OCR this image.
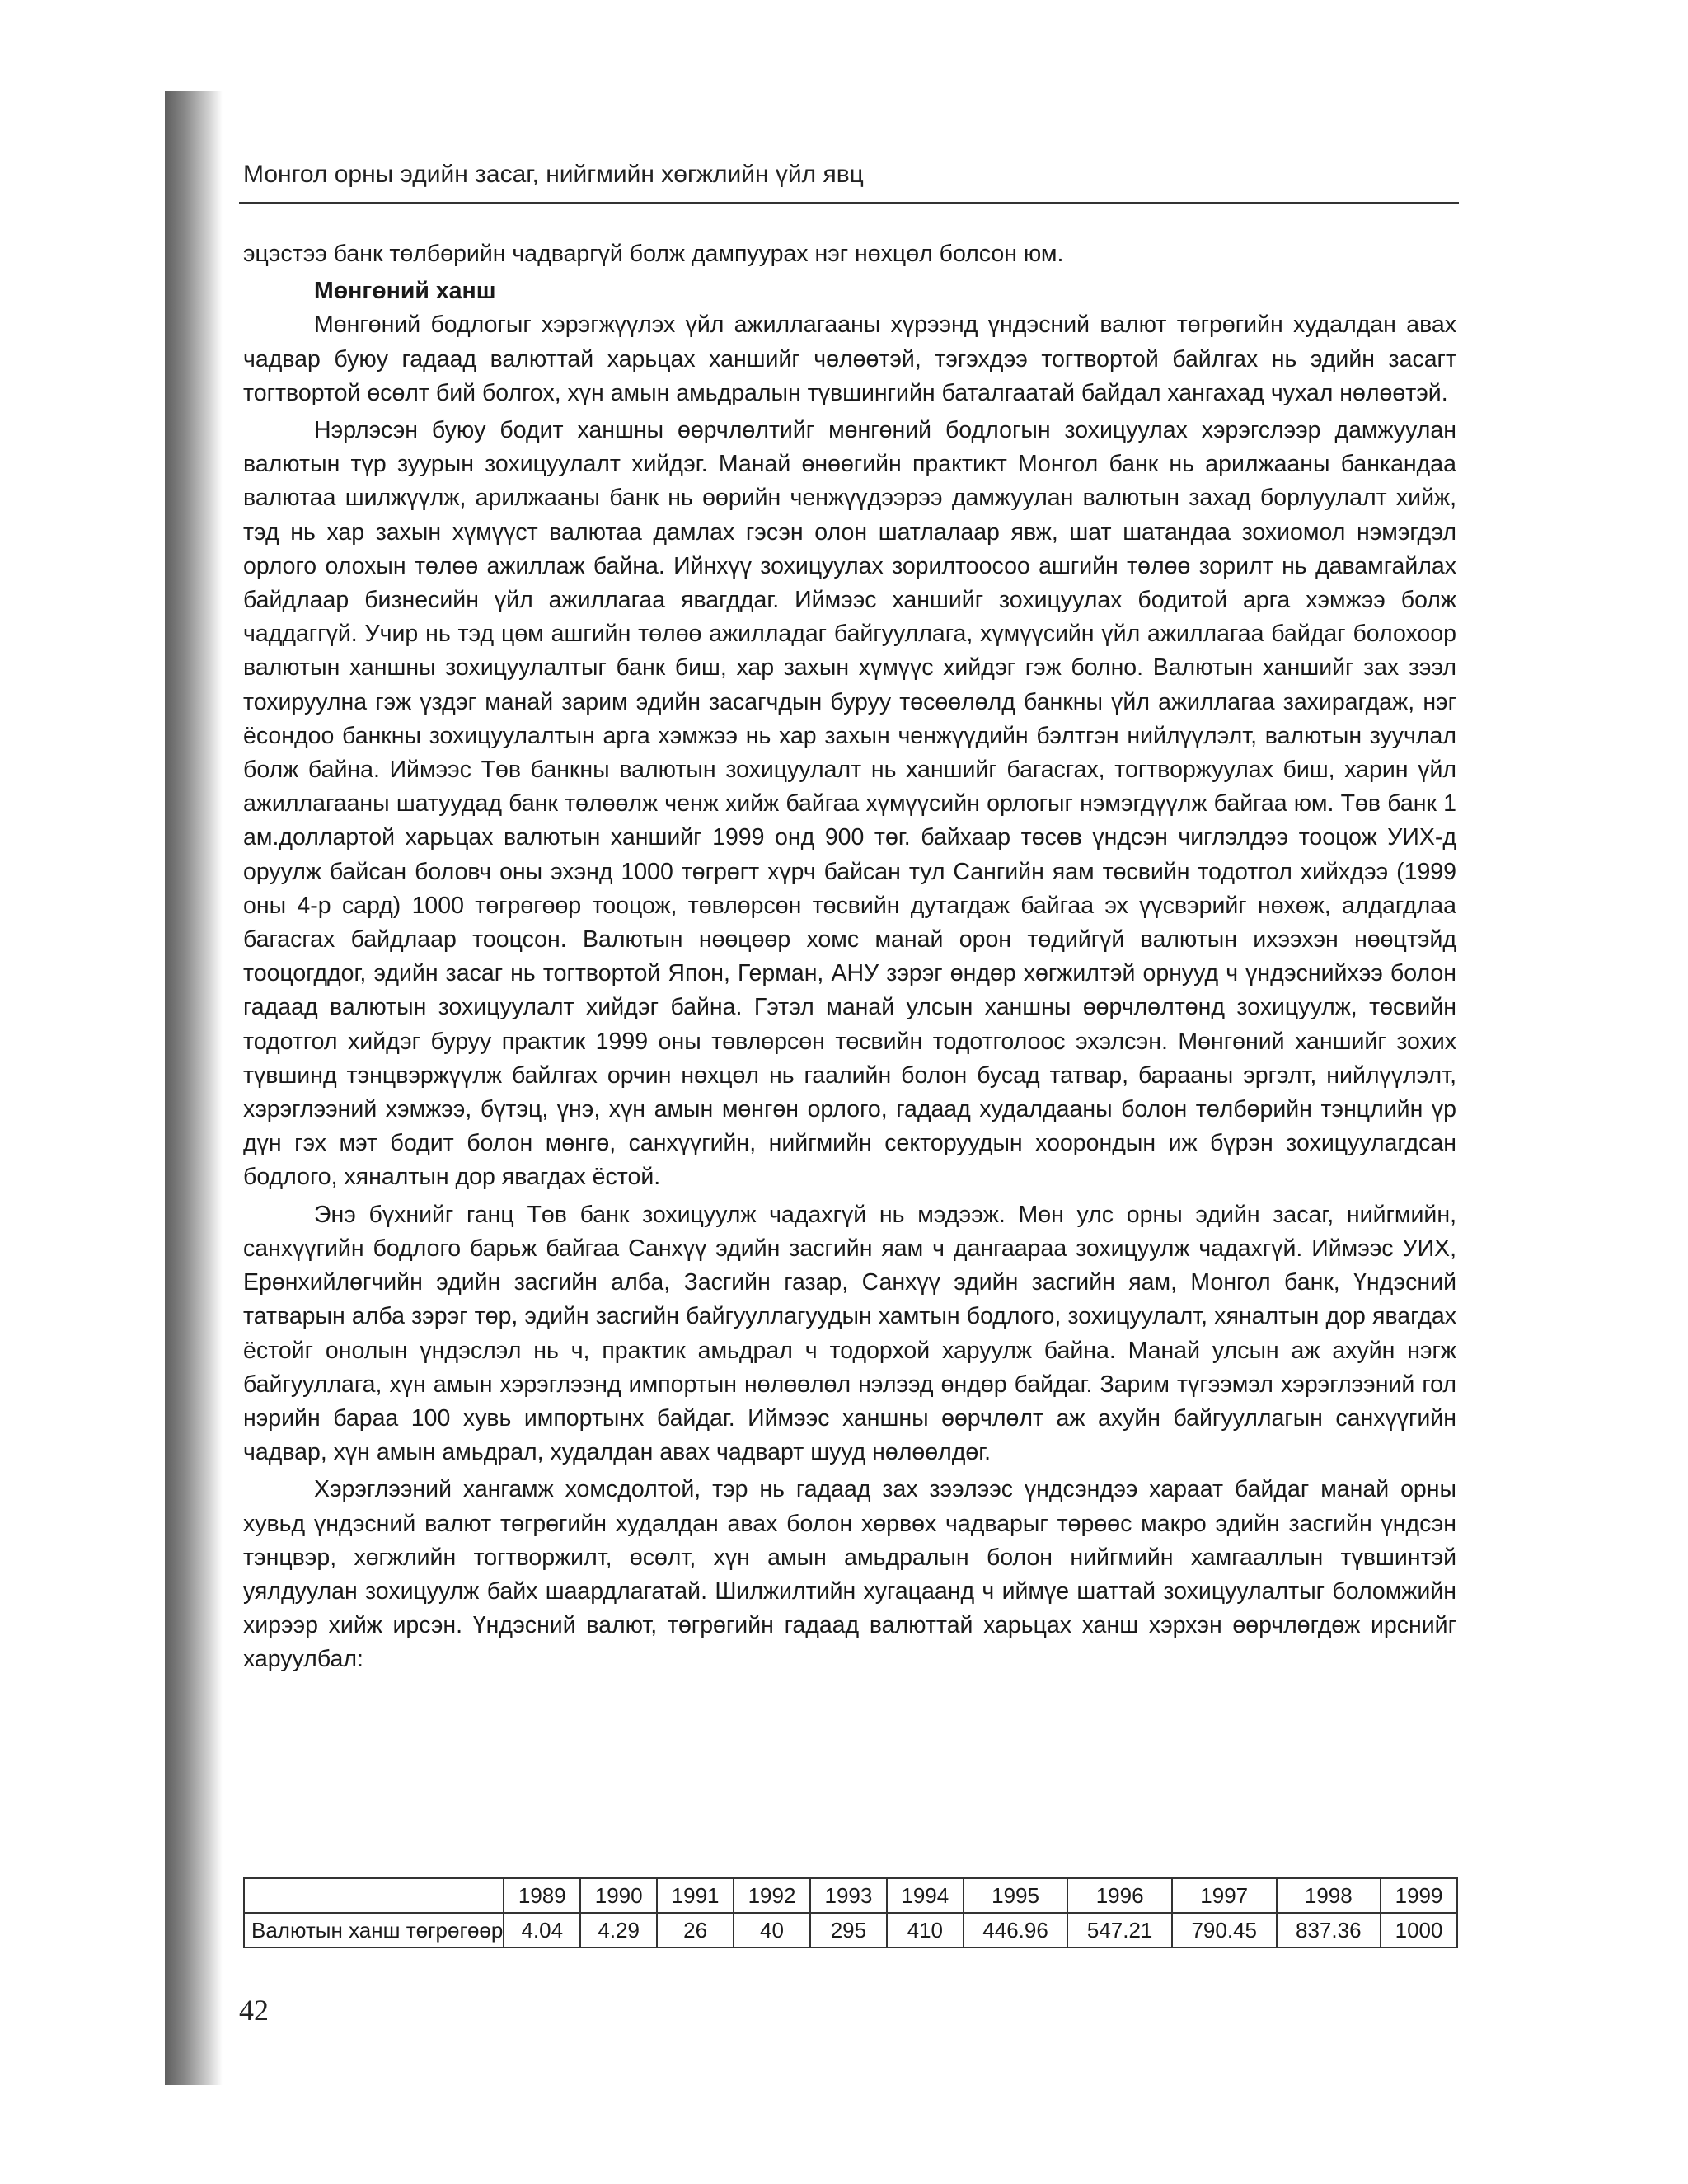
Монгол орны эдийн засаг, нийгмийн хөгжлийн үйл явц

эцэстээ банк төлбөрийн чадваргүй болж дампуурах нэг нөхцөл болсон юм.

Мөнгөний ханш

Мөнгөний бодлогыг хэрэгжүүлэх үйл ажиллагааны хүрээнд үндэсний валют төгрөгийн худалдан авах чадвар буюу гадаад валюттай харьцах ханшийг чөлөөтэй, тэгэхдээ тогтвортой байлгах нь эдийн засагт тогтвортой өсөлт бий болгох, хүн амын амьдралын түвшингийн баталгаатай байдал хангахад чухал нөлөөтэй.

Нэрлэсэн буюу бодит ханшны өөрчлөлтийг мөнгөний бодлогын зохицуулах хэрэгслээр дамжуулан валютын түр зуурын зохицуулалт хийдэг. Манай өнөөгийн практикт Монгол банк нь арилжааны банкандаа валютаа шилжүүлж, арилжааны банк нь өөрийн ченжүүдээрээ дамжуулан валютын захад борлуулалт хийж, тэд нь хар захын хүмүүст валютаа дамлах гэсэн олон шатлалаар явж, шат шатандаа зохиомол нэмэгдэл орлого олохын төлөө ажиллаж байна. Ийнхүү зохицуулах зорилтоосоо ашгийн төлөө зорилт нь давамгайлах байдлаар бизнесийн үйл ажиллагаа явагддаг. Иймээс ханшийг зохицуулах бодитой арга хэмжээ болж чаддаггүй. Учир нь тэд цөм ашгийн төлөө ажилладаг байгууллага, хүмүүсийн үйл ажиллагаа байдаг болохоор валютын ханшны зохицуулалтыг банк биш, хар захын хүмүүс хийдэг гэж болно. Валютын ханшийг зах зээл тохируулна гэж үздэг манай зарим эдийн засагчдын буруу төсөөлөлд банкны үйл ажиллагаа захирагдаж, нэг ёсондоо банкны зохицуулалтын арга хэмжээ нь хар захын ченжүүдийн бэлтгэн нийлүүлэлт, валютын зуучлал болж байна. Иймээс Төв банкны валютын зохицуулалт нь ханшийг багасгах, тогтворжуулах биш, харин үйл ажиллагааны шатуудад банк төлөөлж ченж хийж байгаа хүмүүсийн орлогыг нэмэгдүүлж байгаа юм. Төв банк 1 ам.доллартой харьцах валютын ханшийг 1999 онд 900 төг. байхаар төсөв үндсэн чиглэлдээ тооцож УИХ-д оруулж байсан боловч оны эхэнд 1000 төгрөгт хүрч байсан тул Сангийн яам төсвийн тодотгол хийхдээ (1999 оны 4-р сард) 1000 төгрөгөөр тооцож, төвлөрсөн төсвийн дутагдаж байгаа эх үүсвэрийг нөхөж, алдагдлаа багасгах байдлаар тооцсон. Валютын нөөцөөр хомс манай орон төдийгүй валютын ихээхэн нөөцтэйд тооцогддог, эдийн засаг нь тогтвортой Япон, Герман, АНУ зэрэг өндөр хөгжилтэй орнууд ч үндэснийхээ болон гадаад валютын зохицуулалт хийдэг байна. Гэтэл манай улсын ханшны өөрчлөлтөнд зохицуулж, төсвийн тодотгол хийдэг буруу практик 1999 оны төвлөрсөн төсвийн тодотголоос эхэлсэн. Мөнгөний ханшийг зохих түвшинд тэнцвэржүүлж байлгах орчин нөхцөл нь гаалийн болон бусад татвар, барааны эргэлт, нийлүүлэлт, хэрэглээний хэмжээ, бүтэц, үнэ, хүн амын мөнгөн орлого, гадаад худалдааны болон төлбөрийн тэнцлийн үр дүн гэх мэт бодит болон мөнгө, санхүүгийн, нийгмийн секторуудын хоорондын иж бүрэн зохицуулагдсан бодлого, хяналтын дор явагдах ёстой.

Энэ бүхнийг ганц Төв банк зохицуулж чадахгүй нь мэдээж. Мөн улс орны эдийн засаг, нийгмийн, санхүүгийн бодлого барьж байгаа Санхүү эдийн засгийн яам ч дангаараа зохицуулж чадахгүй. Иймээс УИХ, Ерөнхийлөгчийн эдийн засгийн алба, Засгийн газар, Санхүү эдийн засгийн яам, Монгол банк, Үндэсний татварын алба зэрэг төр, эдийн засгийн байгууллагуудын хамтын бодлого, зохицуулалт, хяналтын дор явагдах ёстойг онолын үндэслэл нь ч, практик амьдрал ч тодорхой харуулж байна. Манай улсын аж ахуйн нэгж байгууллага, хүн амын хэрэглээнд импортын нөлөөлөл нэлээд өндөр байдаг. Зарим түгээмэл хэрэглээний гол нэрийн бараа 100 хувь импортынх байдаг. Иймээс ханшны өөрчлөлт аж ахуйн байгууллагын санхүүгийн чадвар, хүн амын амьдрал, худалдан авах чадварт шууд нөлөөлдөг.

Хэрэглээний хангамж хомсдолтой, тэр нь гадаад зах зээлээс үндсэндээ хараат байдаг манай орны хувьд үндэсний валют төгрөгийн худалдан авах болон хөрвөх чадварыг төрөөс макро эдийн засгийн үндсэн тэнцвэр, хөгжлийн тогтворжилт, өсөлт, хүн амын амьдралын болон нийгмийн хамгааллын түвшинтэй уялдуулан зохицуулж байх шаардлагатай. Шилжилтийн хугацаанд ч иймүе шаттай зохицуулалтыг боломжийн хирээр хийж ирсэн. Үндэсний валют, төгрөгийн гадаад валюттай харьцах ханш хэрхэн өөрчлөгдөж ирснийг харуулбал:

	1989	1990	1991	1992	1993	1994	1995	1996	1997	1998	1999
Валютын ханш төгрөгөөр	4.04	4.29	26	40	295	410	446.96	547.21	790.45	837.36	1000
42
